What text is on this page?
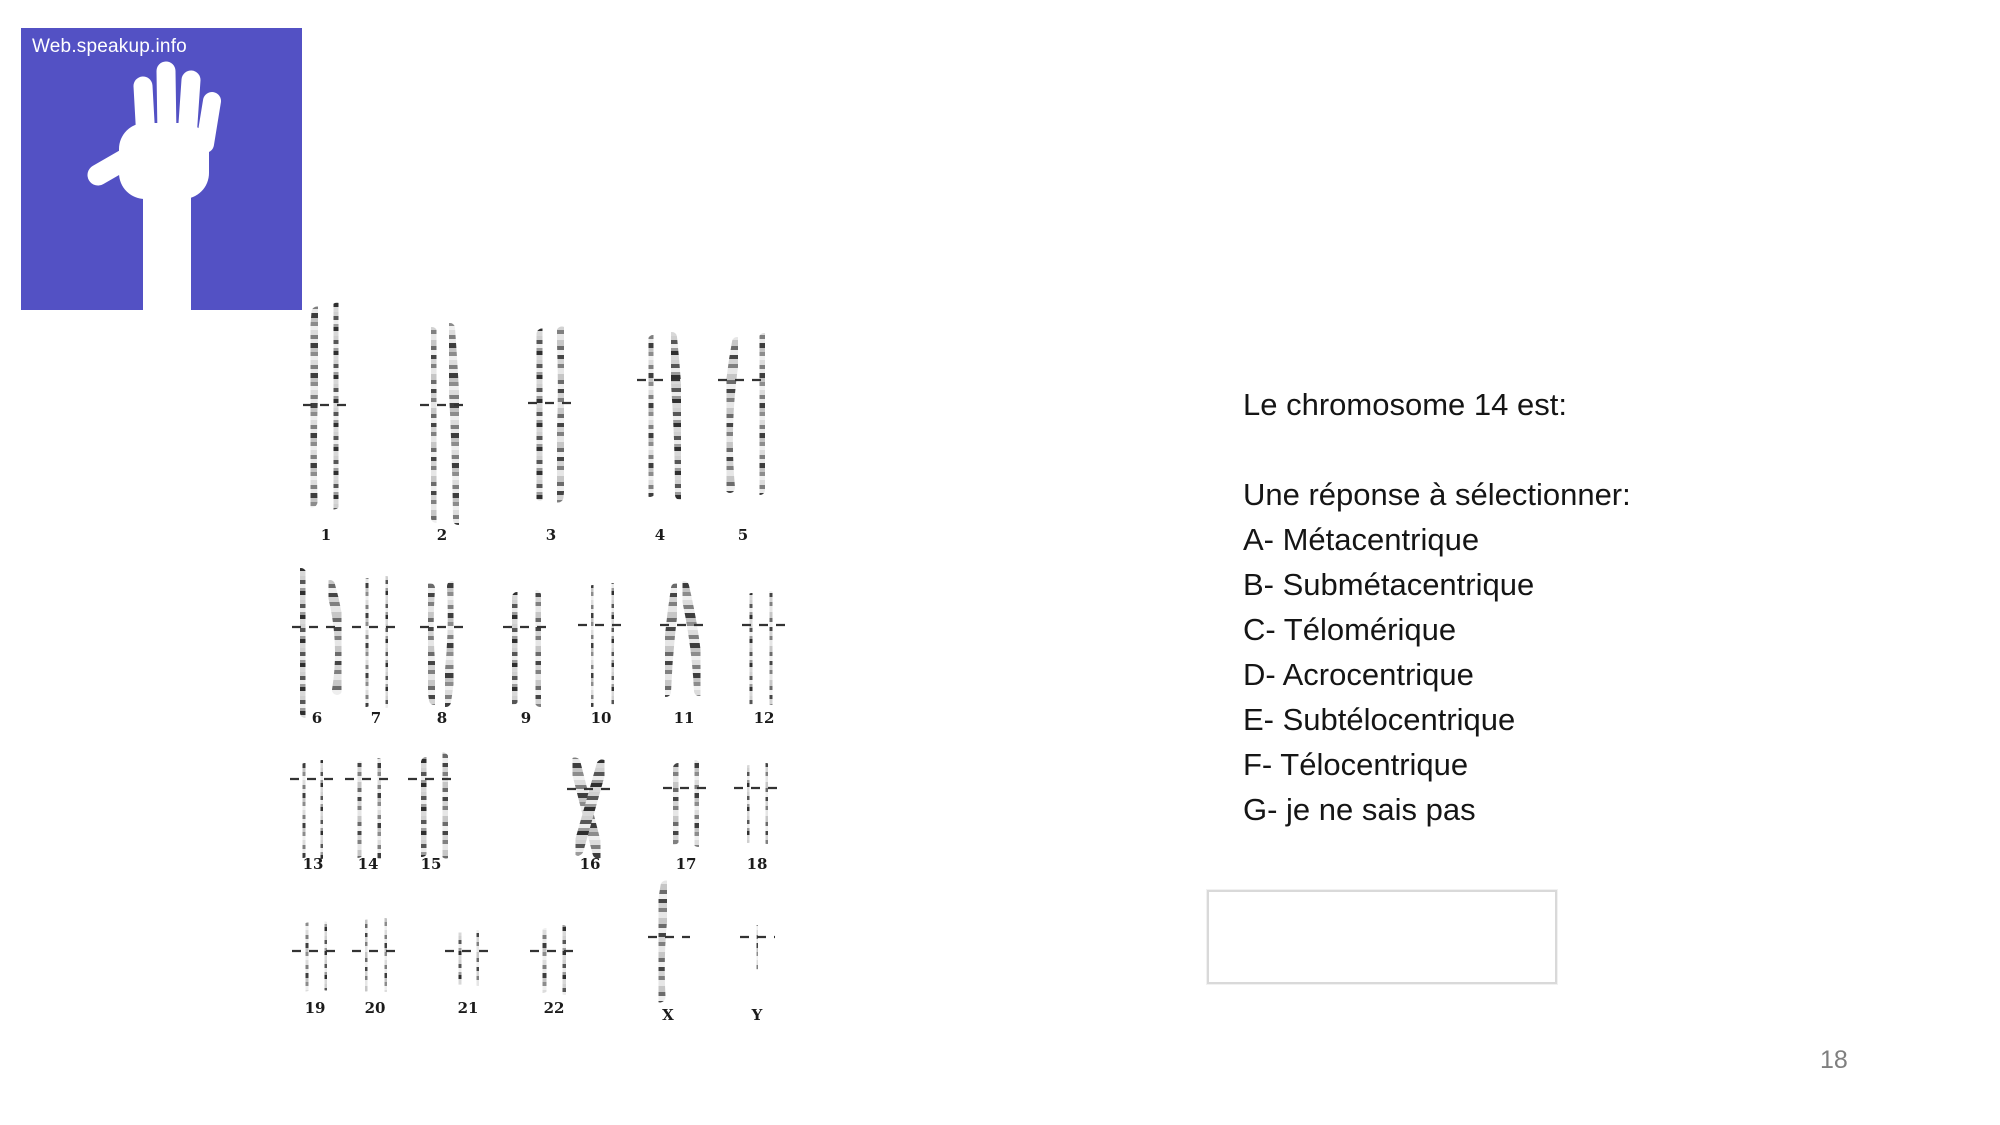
Web.speakup.info
1	2	3	4	5
6	7	8	9	10	11	12
13 14	15	16	17	18
19	20	21	22	X	Y
Le chromosome 14 est:
Une réponse à sélectionner:
A- Métacentrique
B- Submétacentrique
C- Télomérique
D- Acrocentrique
E- Subtélocentrique
F- Télocentrique
G- je ne sais pas
18
